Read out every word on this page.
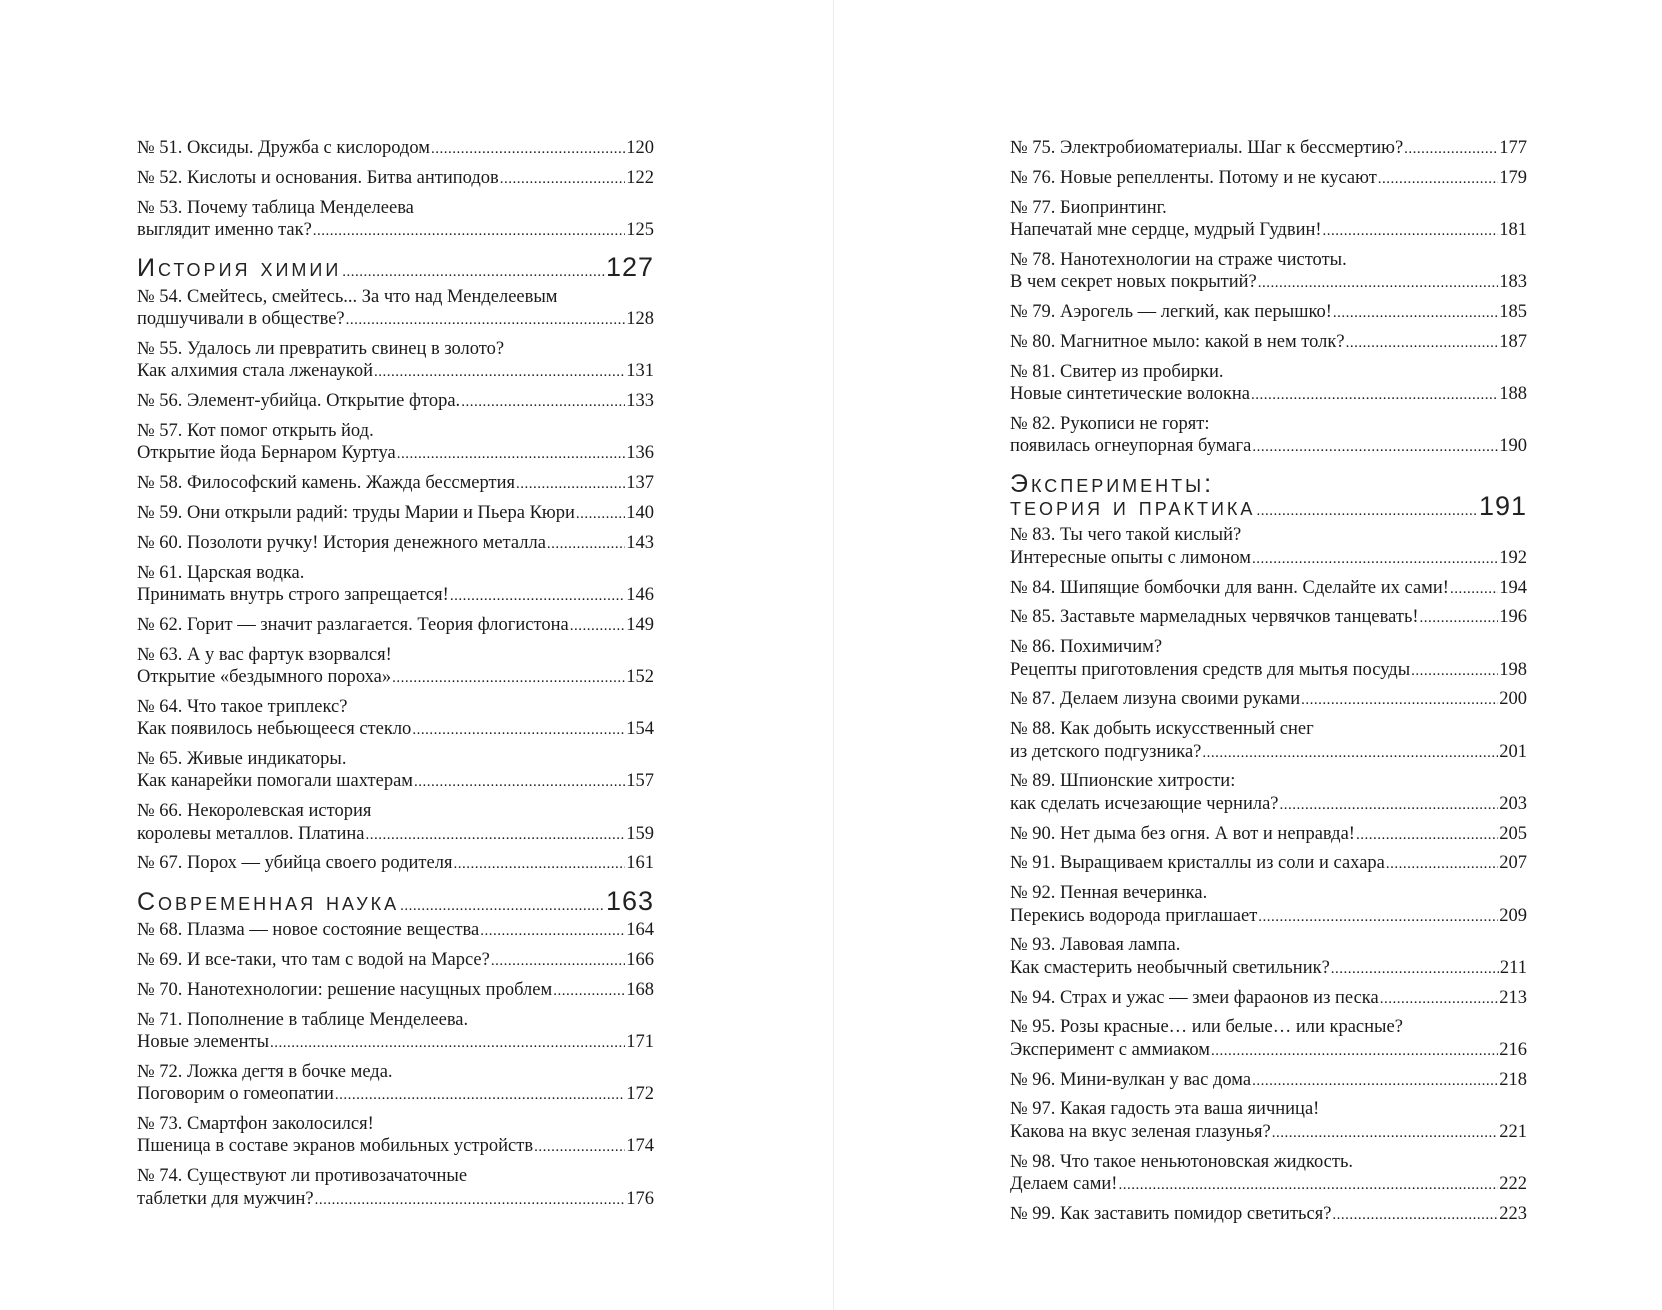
№ 51. Оксиды. Дружба с кислородом .....	120
№ 52. Кислоты и основания. Битва антиподов .....	122
№ 53. Почему таблица Менделеева
выглядит именно так? .....	125
История химии .....	127
№ 54. Смейтесь, смейтесь... За что над Менделеевым
подшучивали в обществе? .....	128
№ 55. Удалось ли превратить свинец в золото?
Как алхимия стала лженаукой .....	131
№ 56. Элемент-убийца. Открытие фтора. .....	133
№ 57. Кот помог открыть йод.
Открытие йода Бернаром Куртуа .....	136
№ 58. Философский камень. Жажда бессмертия .....	137
№ 59. Они открыли радий: труды Марии и Пьера Кюри .....	140
№ 60. Позолоти ручку! История денежного металла .....	143
№ 61. Царская водка.
Принимать внутрь строго запрещается! .....	146
№ 62. Горит — значит разлагается. Теория флогистона .....	149
№ 63. А у вас фартук взорвался!
Открытие «бездымного пороха» .....	152
№ 64. Что такое триплекс?
Как появилось небьющееся стекло .....	154
№ 65. Живые индикаторы.
Как канарейки помогали шахтерам .....	157
№ 66. Некоролевская история
королевы металлов. Платина .....	159
№ 67. Порох — убийца своего родителя .....	161
Современная наука .....	163
№ 68. Плазма — новое состояние вещества .....	164
№ 69. И все-таки, что там с водой на Марсе? .....	166
№ 70. Нанотехнологии: решение насущных проблем .....	168
№ 71. Пополнение в таблице Менделеева.
Новые элементы .....	171
№ 72. Ложка дегтя в бочке меда.
Поговорим о гомеопатии .....	172
№ 73. Смартфон заколосился!
Пшеница в составе экранов мобильных устройств .....	174
№ 74. Существуют ли противозачаточные
таблетки для мужчин? .....	176
№ 75. Электробиоматериалы. Шаг к бессмертию? .....	177
№ 76. Новые репелленты. Потому и не кусают .....	179
№ 77. Биопринтинг.
Напечатай мне сердце, мудрый Гудвин! .....	181
№ 78. Нанотехнологии на страже чистоты.
В чем секрет новых покрытий? .....	183
№ 79. Аэрогель — легкий, как перышко! .....	185
№ 80. Магнитное мыло: какой в нем толк? .....	187
№ 81. Свитер из пробирки.
Новые синтетические волокна .....	188
№ 82. Рукописи не горят:
появилась огнеупорная бумага .....	190
Эксперименты:
теория и практика .....	191
№ 83. Ты чего такой кислый?
Интересные опыты с лимоном .....	192
№ 84. Шипящие бомбочки для ванн. Сделайте их сами! .....	194
№ 85. Заставьте мармеладных червячков танцевать! .....	196
№ 86. Похимичим?
Рецепты приготовления средств для мытья посуды .....	198
№ 87. Делаем лизуна своими руками .....	200
№ 88. Как добыть искусственный снег
из детского подгузника? .....	201
№ 89. Шпионские хитрости:
как сделать исчезающие чернила? .....	203
№ 90. Нет дыма без огня. А вот и неправда! .....	205
№ 91. Выращиваем кристаллы из соли и сахара .....	207
№ 92. Пенная вечеринка.
Перекись водорода приглашает .....	209
№ 93. Лавовая лампа.
Как смастерить необычный светильник? .....	211
№ 94. Страх и ужас — змеи фараонов из песка .....	213
№ 95. Розы красные… или белые… или красные?
Эксперимент с аммиаком .....	216
№ 96. Мини-вулкан у вас дома .....	218
№ 97. Какая гадость эта ваша яичница!
Какова на вкус зеленая глазунья? .....	221
№ 98. Что такое неньютоновская жидкость.
Делаем сами! .....	222
№ 99. Как заставить помидор светиться? .....	223
